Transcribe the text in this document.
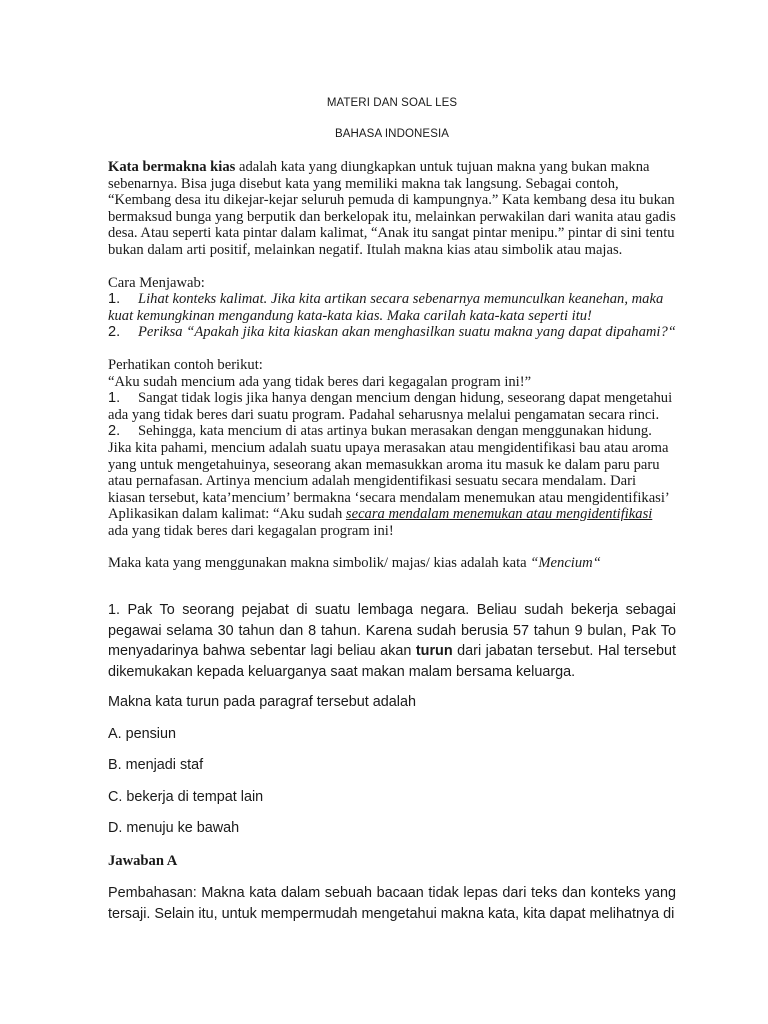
MATERI DAN SOAL LES

BAHASA INDONESIA

Kata bermakna kias adalah kata yang diungkapkan untuk tujuan makna yang bukan makna sebenarnya. Bisa juga disebut kata yang memiliki makna tak langsung. Sebagai contoh, “Kembang desa itu dikejar-kejar seluruh pemuda di kampungnya.” Kata kembang desa itu bukan bermaksud bunga yang berputik dan berkelopak itu, melainkan perwakilan dari wanita atau gadis desa. Atau seperti kata pintar dalam kalimat, “Anak itu sangat pintar menipu.” pintar di sini tentu bukan dalam arti positif, melainkan negatif. Itulah makna kias atau simbolik atau majas.

Cara Menjawab:

1. Lihat konteks kalimat. Jika kita artikan secara sebenarnya memunculkan keanehan, maka kuat kemungkinan mengandung kata-kata kias. Maka carilah kata-kata seperti itu!

2. Periksa “Apakah jika kita kiaskan akan menghasilkan suatu makna yang dapat dipahami?“

Perhatikan contoh berikut:

“Aku sudah mencium ada yang tidak beres dari kegagalan program ini!”

1. Sangat tidak logis jika hanya dengan mencium dengan hidung, seseorang dapat mengetahui ada yang tidak beres dari suatu program. Padahal seharusnya melalui pengamatan secara rinci.

2. Sehingga, kata mencium di atas artinya bukan merasakan dengan menggunakan hidung. Jika kita pahami, mencium adalah suatu upaya merasakan atau mengidentifikasi bau atau aroma yang untuk mengetahuinya, seseorang akan memasukkan aroma itu masuk ke dalam paru paru atau pernafasan. Artinya mencium adalah mengidentifikasi sesuatu secara mendalam. Dari kiasan tersebut, kata’mencium’ bermakna ‘secara mendalam menemukan atau mengidentifikasi’

Aplikasikan dalam kalimat: “Aku sudah secara mendalam menemukan atau mengidentifikasi ada yang tidak beres dari kegagalan program ini!

Maka kata yang menggunakan makna simbolik/ majas/ kias adalah kata “Mencium“

1. Pak To seorang pejabat di suatu lembaga negara. Beliau sudah bekerja sebagai pegawai selama 30 tahun dan 8 tahun. Karena sudah berusia 57 tahun 9 bulan, Pak To menyadarinya bahwa sebentar lagi beliau akan turun dari jabatan tersebut. Hal tersebut dikemukakan kepada keluarganya saat makan malam bersama keluarga.

Makna kata turun pada paragraf tersebut adalah

A. pensiun

B. menjadi staf

C. bekerja di tempat lain

D. menuju ke bawah

Jawaban A

Pembahasan: Makna kata dalam sebuah bacaan tidak lepas dari teks dan konteks yang tersaji. Selain itu, untuk mempermudah mengetahui makna kata, kita dapat melihatnya di
